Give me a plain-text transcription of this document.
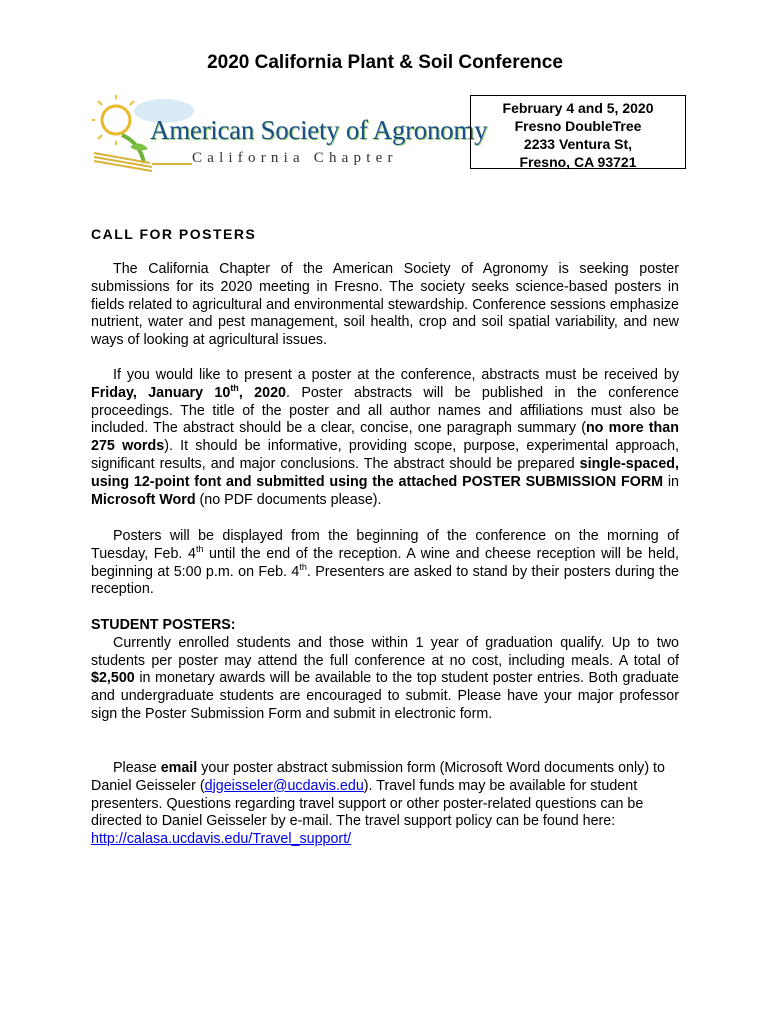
2020 California Plant & Soil Conference
American Society of Agronomy
California Chapter
February 4 and 5, 2020
Fresno DoubleTree
2233 Ventura St,
Fresno, CA 93721
CALL FOR POSTERS
The California Chapter of the American Society of Agronomy is seeking poster submissions for its 2020 meeting in Fresno. The society seeks science-based posters in fields related to agricultural and environmental stewardship. Conference sessions emphasize nutrient, water and pest management, soil health, crop and soil spatial variability, and new ways of looking at agricultural issues.
If you would like to present a poster at the conference, abstracts must be received by Friday, January 10th, 2020. Poster abstracts will be published in the conference proceedings. The title of the poster and all author names and affiliations must also be included. The abstract should be a clear, concise, one paragraph summary (no more than 275 words). It should be informative, providing scope, purpose, experimental approach, significant results, and major conclusions. The abstract should be prepared single-spaced, using 12-point font and submitted using the attached POSTER SUBMISSION FORM in Microsoft Word (no PDF documents please).
Posters will be displayed from the beginning of the conference on the morning of Tuesday, Feb. 4th until the end of the reception. A wine and cheese reception will be held, beginning at 5:00 p.m. on Feb. 4th. Presenters are asked to stand by their posters during the reception.
STUDENT POSTERS:
Currently enrolled students and those within 1 year of graduation qualify. Up to two students per poster may attend the full conference at no cost, including meals. A total of $2,500 in monetary awards will be available to the top student poster entries. Both graduate and undergraduate students are encouraged to submit. Please have your major professor sign the Poster Submission Form and submit in electronic form.
Please email your poster abstract submission form (Microsoft Word documents only) to Daniel Geisseler (djgeisseler@ucdavis.edu). Travel funds may be available for student presenters. Questions regarding travel support or other poster-related questions can be directed to Daniel Geisseler by e-mail. The travel support policy can be found here: http://calasa.ucdavis.edu/Travel_support/
